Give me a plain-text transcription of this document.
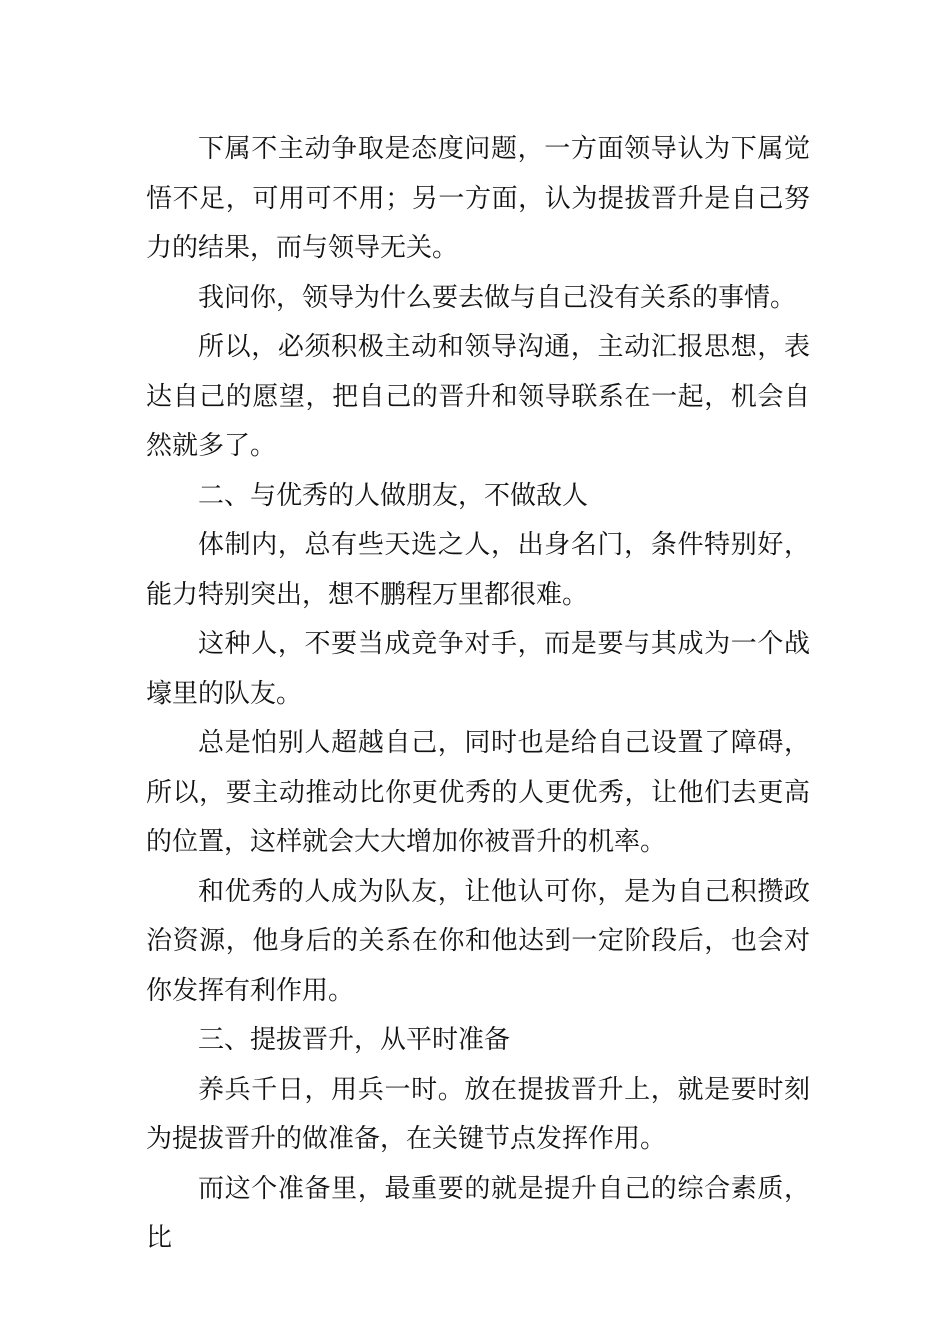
下属不主动争取是态度问题，一方面领导认为下属觉悟不足，可用可不用；另一方面，认为提拔晋升是自己努力的结果，而与领导无关。

我问你，领导为什么要去做与自己没有关系的事情。

所以，必须积极主动和领导沟通，主动汇报思想，表达自己的愿望，把自己的晋升和领导联系在一起，机会自然就多了。

二、与优秀的人做朋友，不做敌人

体制内，总有些天选之人，出身名门，条件特别好，能力特别突出，想不鹏程万里都很难。

这种人，不要当成竞争对手，而是要与其成为一个战壕里的队友。

总是怕别人超越自己，同时也是给自己设置了障碍，所以，要主动推动比你更优秀的人更优秀，让他们去更高的位置，这样就会大大增加你被晋升的机率。

和优秀的人成为队友，让他认可你，是为自己积攒政治资源，他身后的关系在你和他达到一定阶段后，也会对你发挥有利作用。

三、提拔晋升，从平时准备

养兵千日，用兵一时。放在提拔晋升上，就是要时刻为提拔晋升的做准备，在关键节点发挥作用。

而这个准备里，最重要的就是提升自己的综合素质，比
